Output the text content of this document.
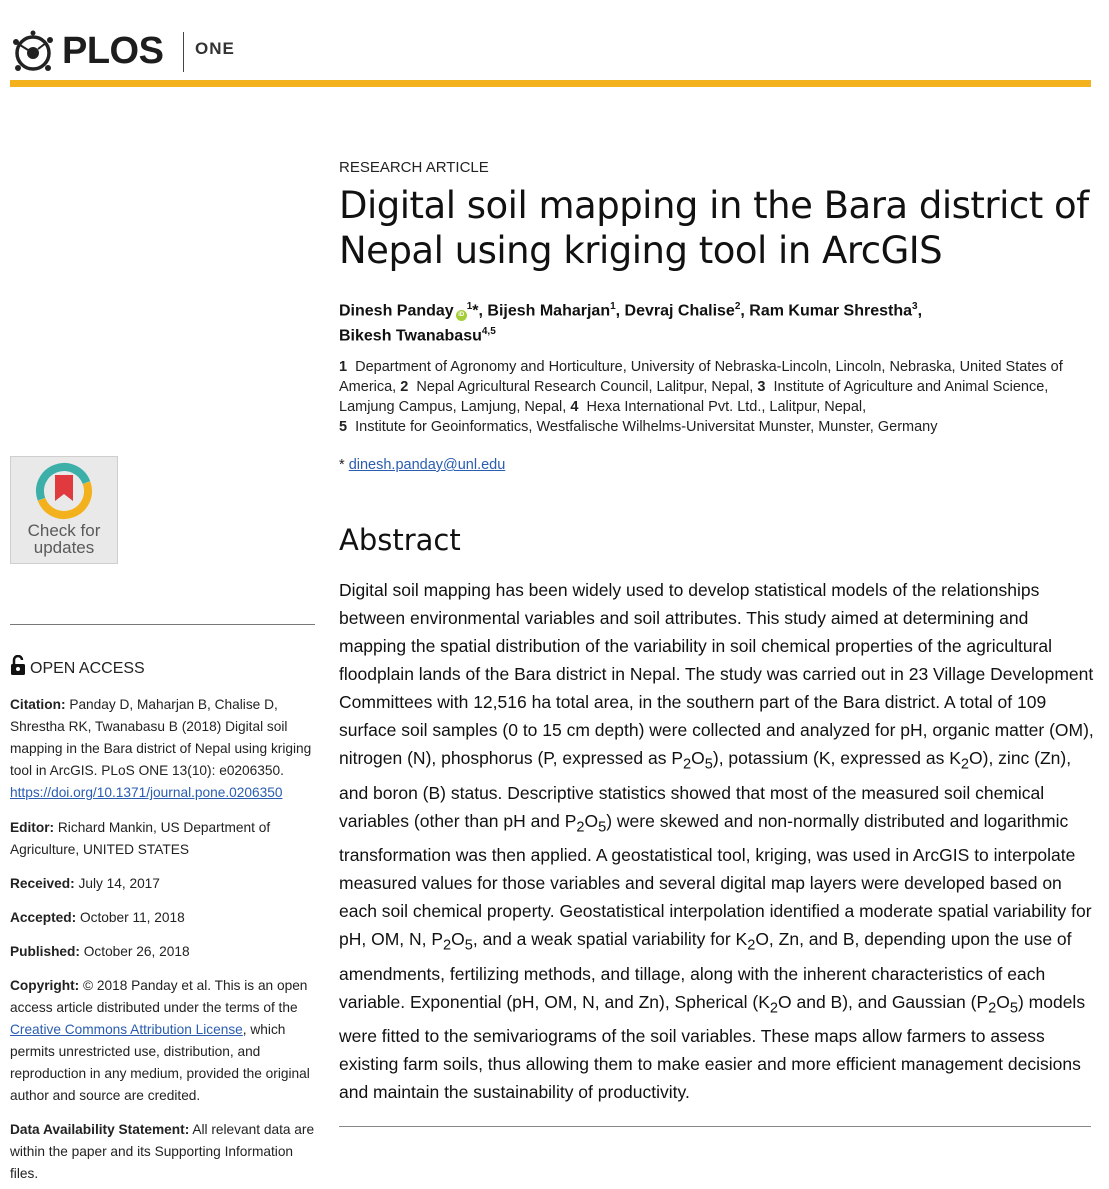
PLOS ONE
RESEARCH ARTICLE
Digital soil mapping in the Bara district of Nepal using kriging tool in ArcGIS
Dinesh Panday $iD^1*$, Bijesh Maharjan$^1$, Devraj Chalise$^2$, Ram Kumar Shrestha$^3$,
Bikesh Twanabasu$^{4,5}$
1 Department of Agronomy and Horticulture, University of Nebraska-Lincoln, Lincoln, Nebraska, United States of America, 2 Nepal Agricultural Research Council, Lalitpur, Nepal, 3 Institute of Agriculture and Animal Science, Lamjung Campus, Lamjung, Nepal, 4 Hexa International Pvt. Ltd., Lalitpur, Nepal,
5 Institute for Geoinformatics, Westfalische Wilhelms-Universitat Munster, Munster, Germany
* dinesh.panday@unl.edu
Abstract
Digital soil mapping has been widely used to develop statistical models of the relationships between environmental variables and soil attributes. This study aimed at determining and mapping the spatial distribution of the variability in soil chemical properties of the agricultural floodplain lands of the Bara district in Nepal. The study was carried out in 23 Village Development Committees with 12,516 ha total area, in the southern part of the Bara district. A total of 109 surface soil samples (0 to 15 cm depth) were collected and analyzed for pH, organic matter (OM), nitrogen (N), phosphorus (P, expressed as $P_2O_5$), potassium (K, expressed as $K_2O$), zinc (Zn), and boron (B) status. Descriptive statistics showed that most of the measured soil chemical variables (other than pH and $P_2O_5$) were skewed and non-normally distributed and logarithmic transformation was then applied. A geostatistical tool, kriging, was used in ArcGIS to interpolate measured values for those variables and several digital map layers were developed based on each soil chemical property. Geostatistical interpolation identified a moderate spatial variability for pH, OM, N, $P_2O_5$, and a weak spatial variability for $K_2O$, Zn, and B, depending upon the use of amendments, fertilizing methods, and tillage, along with the inherent characteristics of each variable. Exponential (pH, OM, N, and Zn), Spherical ($K_2O$ and B), and Gaussian $(P_2O_5)$ models were fitted to the semivariograms of the soil variables. These maps allow farmers to assess existing farm soils, thus allowing them to make easier and more efficient management decisions and maintain the sustainability of productivity.
Check for
updates
OPEN ACCESS
Citation: Panday D, Maharjan B, Chalise D, Shrestha RK, Twanabasu B (2018) Digital soil mapping in the Bara district of Nepal using kriging tool in ArcGIS. PLoS ONE 13(10): e0206350. https://doi.org/10.1371/journal.pone.0206350
Editor: Richard Mankin, US Department of Agriculture, UNITED STATES
Received: July 14, 2017
Accepted: October 11, 2018
Published: October 26, 2018
Copyright: © 2018 Panday et al. This is an open access article distributed under the terms of the Creative Commons Attribution License, which permits unrestricted use, distribution, and reproduction in any medium, provided the original author and source are credited.
Data Availability Statement: All relevant data are within the paper and its Supporting Information files.
